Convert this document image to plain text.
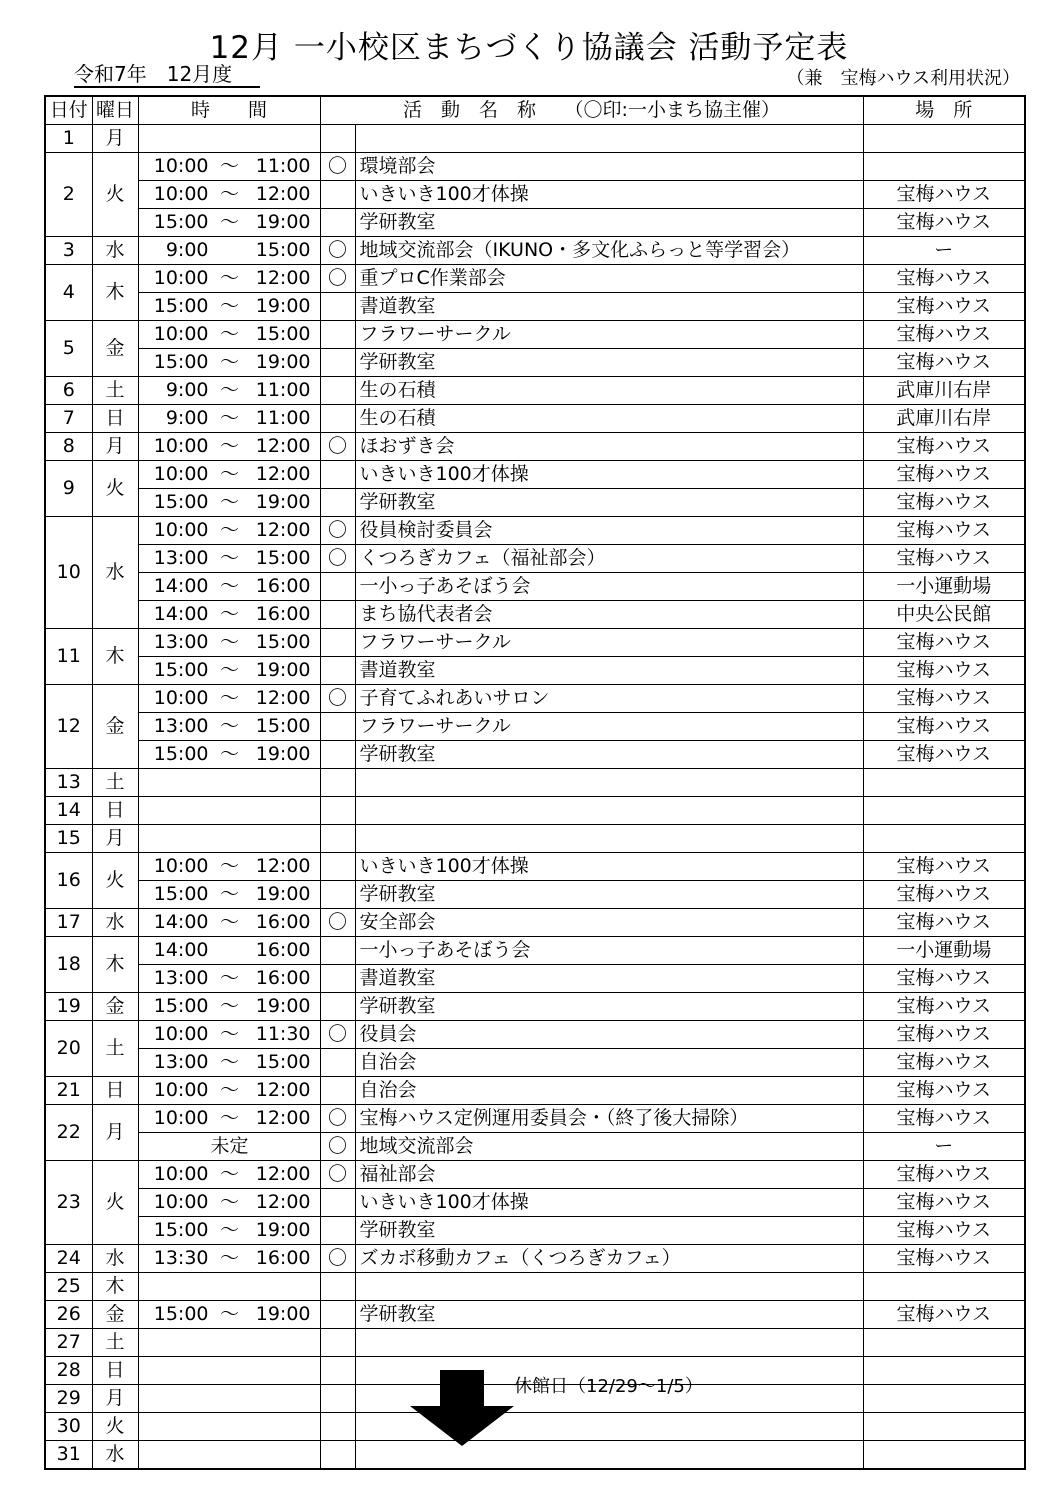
12月 一小校区まちづくり協議会 活動予定表
令和7年　12月度	（兼　宝梅ハウス利用状況）
日付	曜日	時　　間	活　動　名　称　　（〇印:一小まち協主催）		場　所
1	月				
2	火	10:00 ～ 11:00	〇	環境部会	
		10:00 ～ 12:00		いきいき100才体操	宝梅ハウス
		15:00 ～ 19:00		学研教室	宝梅ハウス
3	水	9:00 15:00	〇	地域交流部会（IKUNO・多文化ふらっと等学習会）	ー
4	木	10:00 ～ 12:00	〇	重プロC作業部会	宝梅ハウス
		15:00 ～ 19:00		書道教室	宝梅ハウス
5	金	10:00 ～ 15:00		フラワーサークル	宝梅ハウス
		15:00 ～ 19:00		学研教室	宝梅ハウス
6	土	9:00 ～ 11:00		生の石積	武庫川右岸
7	日	9:00 ～ 11:00		生の石積	武庫川右岸
8	月	10:00 ～ 12:00	〇	ほおずき会	宝梅ハウス
9	火	10:00 ～ 12:00		いきいき100才体操	宝梅ハウス
		15:00 ～ 19:00		学研教室	宝梅ハウス
10	水	10:00 ～ 12:00	〇	役員検討委員会	宝梅ハウス
		13:00 ～ 15:00	〇	くつろぎカフェ（福祉部会）	宝梅ハウス
		14:00 ～ 16:00		一小っ子あそぼう会	一小運動場
		14:00 ～ 16:00		まち協代表者会	中央公民館
11	木	13:00 ～ 15:00		フラワーサークル	宝梅ハウス
		15:00 ～ 19:00		書道教室	宝梅ハウス
12	金	10:00 ～ 12:00	〇	子育てふれあいサロン	宝梅ハウス
		13:00 ～ 15:00		フラワーサークル	宝梅ハウス
		15:00 ～ 19:00		学研教室	宝梅ハウス
13	土				
14	日				
15	月				
16	火	10:00 ～ 12:00		いきいき100才体操	宝梅ハウス
		15:00 ～ 19:00		学研教室	宝梅ハウス
17	水	14:00 ～ 16:00	〇	安全部会	宝梅ハウス
18	木	14:00 16:00		一小っ子あそぼう会	一小運動場
		13:00 ～ 16:00		書道教室	宝梅ハウス
19	金	15:00 ～ 19:00		学研教室	宝梅ハウス
20	土	10:00 ～ 11:30	〇	役員会	宝梅ハウス
		13:00 ～ 15:00		自治会	宝梅ハウス
21	日	10:00 ～ 12:00		自治会	宝梅ハウス
22	月	10:00 ～ 12:00	〇	宝梅ハウス定例運用委員会・（終了後大掃除）	宝梅ハウス
		未定	〇	地域交流部会	ー
23	火	10:00 ～ 12:00	〇	福祉部会	宝梅ハウス
		10:00 ～ 12:00		いきいき100才体操	宝梅ハウス
		15:00 ～ 19:00		学研教室	宝梅ハウス
24	水	13:30 ～ 16:00	〇	ズカボ移動カフェ（くつろぎカフェ）	宝梅ハウス
25	木				
26	金	15:00 ～ 19:00		学研教室	宝梅ハウス
27	土				
28	日				
29	月				
30	火				
31	水				
休館日（12/29～1/5）
